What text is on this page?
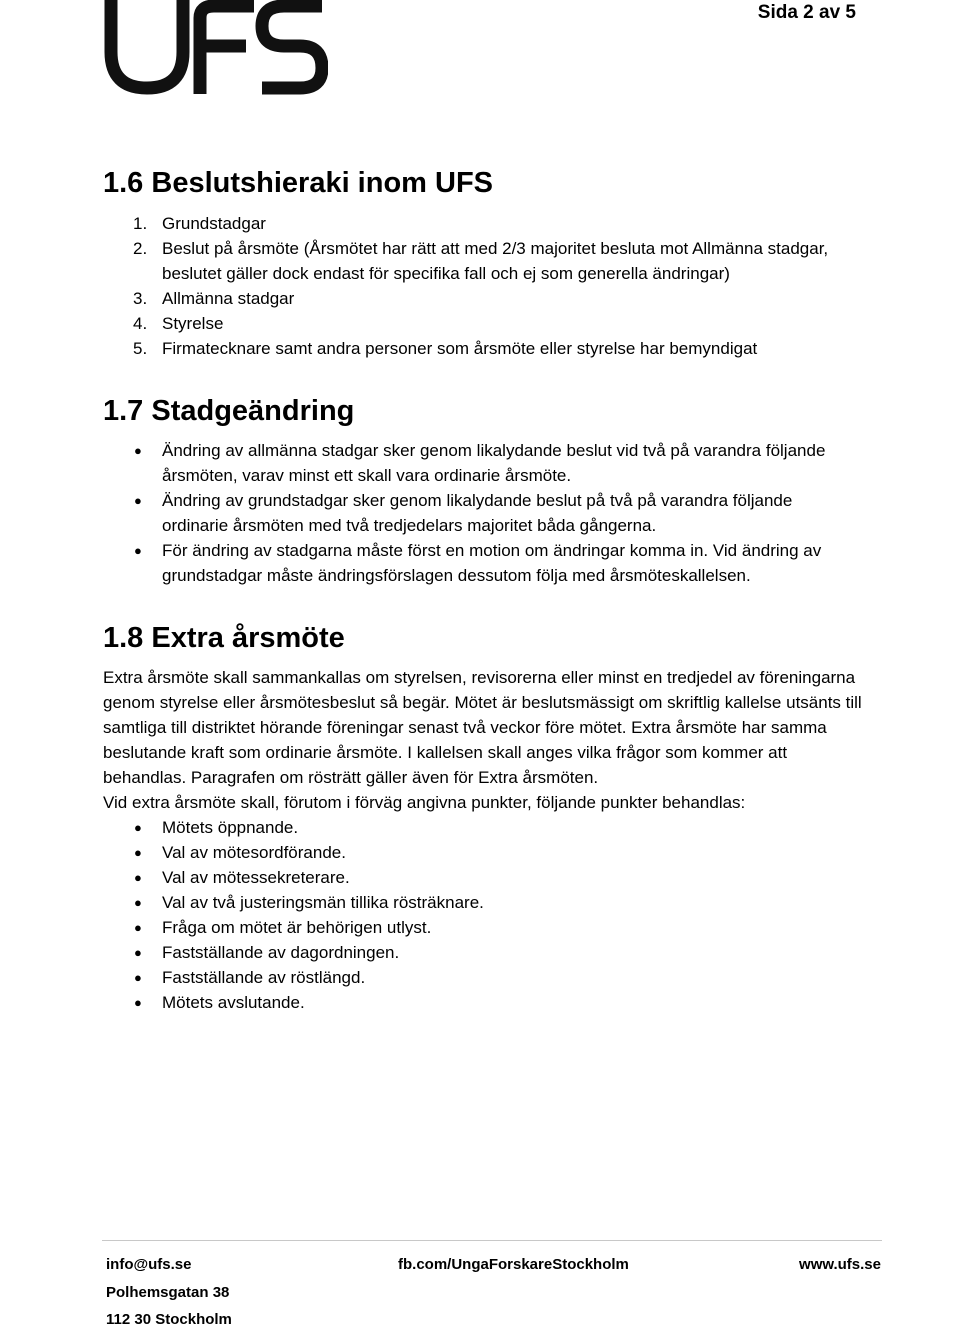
Sida 2 av 5
1.6 Beslutshieraki inom UFS
1. Grundstadgar
2. Beslut på årsmöte (Årsmötet har rätt att med 2/3 majoritet besluta mot Allmänna stadgar, beslutet gäller dock endast för specifika fall och ej som generella ändringar)
3. Allmänna stadgar
4. Styrelse
5. Firmatecknare samt andra personer som årsmöte eller styrelse har bemyndigat
1.7 Stadgeändring
● Ändring av allmänna stadgar sker genom likalydande beslut vid två på varandra följande årsmöten, varav minst ett skall vara ordinarie årsmöte.
● Ändring av grundstadgar sker genom likalydande beslut på två på varandra följande ordinarie årsmöten med två tredjedelars majoritet båda gångerna.
● För ändring av stadgarna måste först en motion om ändringar komma in. Vid ändring av grundstadgar måste ändringsförslagen dessutom följa med årsmöteskallelsen.
1.8 Extra årsmöte

Extra årsmöte skall sammankallas om styrelsen, revisorerna eller minst en tredjedel av föreningarna genom styrelse eller årsmötesbeslut så begär. Mötet är beslutsmässigt om skriftlig kallelse utsänts till samtliga till distriktet hörande föreningar senast två veckor före mötet. Extra årsmöte har samma beslutande kraft som ordinarie årsmöte. I kallelsen skall anges vilka frågor som kommer att behandlas. Paragrafen om rösträtt gäller även för Extra årsmöten.

Vid extra årsmöte skall, förutom i förväg angivna punkter, följande punkter behandlas:

● Mötets öppnande.
● Val av mötesordförande.
● Val av mötessekreterare.
● Val av två justeringsmän tillika rösträknare.
● Fråga om mötet är behörigen utlyst.
● Fastställande av dagordningen.
● Fastställande av röstlängd.
● Mötets avslutande.
info@ufs.se	fb.com/UngaForskareStockholm	www.ufs.se
Polhemsgatan 38
112 30 Stockholm
